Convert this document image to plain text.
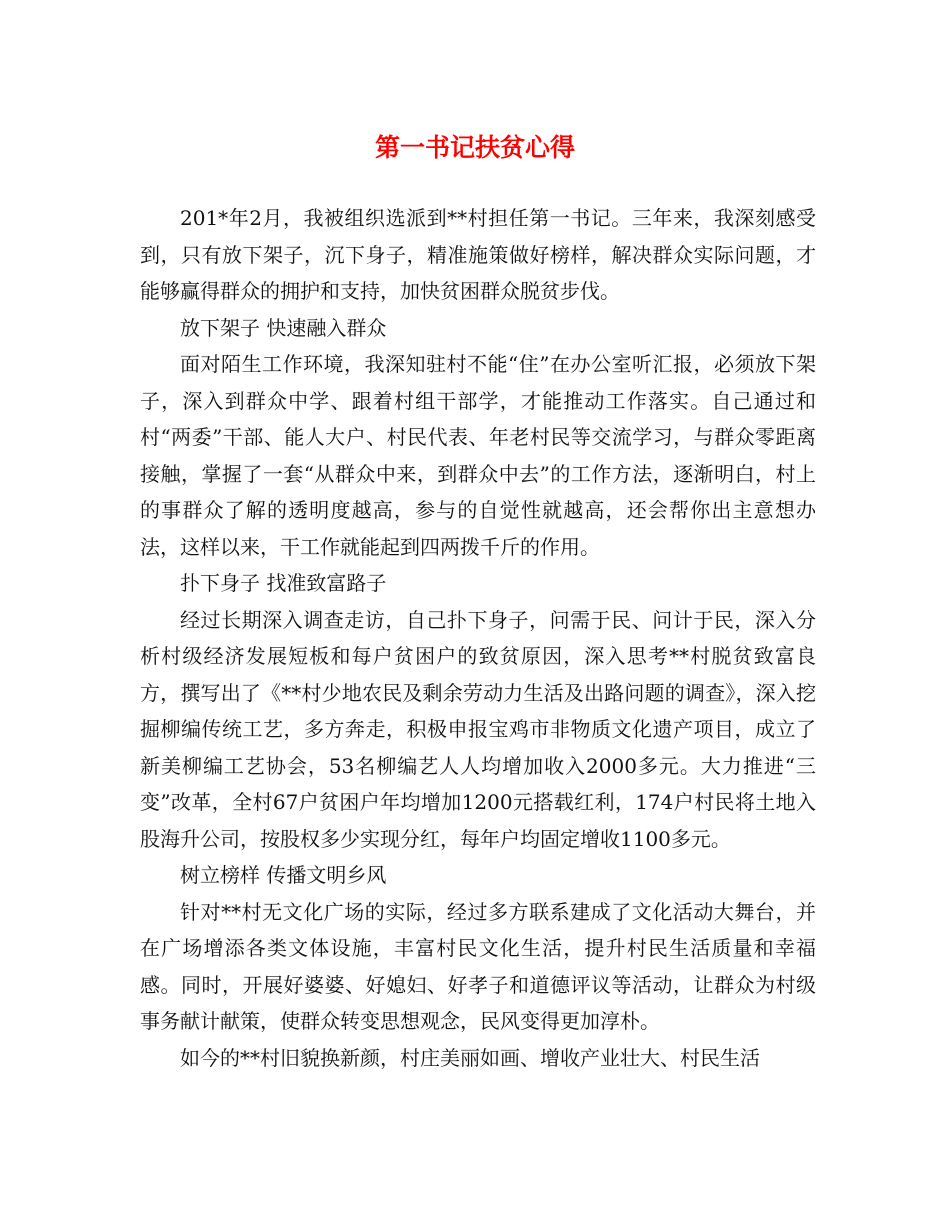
第一书记扶贫心得

201*年2月，我被组织选派到**村担任第一书记。三年来，我深刻感受到，只有放下架子，沉下身子，精准施策做好榜样，解决群众实际问题，才能够赢得群众的拥护和支持，加快贫困群众脱贫步伐。

放下架子 快速融入群众

面对陌生工作环境，我深知驻村不能“住”在办公室听汇报，必须放下架子，深入到群众中学、跟着村组干部学，才能推动工作落实。自己通过和村“两委”干部、能人大户、村民代表、年老村民等交流学习，与群众零距离接触，掌握了一套“从群众中来，到群众中去”的工作方法，逐渐明白，村上的事群众了解的透明度越高，参与的自觉性就越高，还会帮你出主意想办法，这样以来，干工作就能起到四两拨千斤的作用。

扑下身子 找准致富路子

经过长期深入调查走访，自己扑下身子，问需于民、问计于民，深入分析村级经济发展短板和每户贫困户的致贫原因，深入思考**村脱贫致富良方，撰写出了《**村少地农民及剩余劳动力生活及出路问题的调查》，深入挖掘柳编传统工艺，多方奔走，积极申报宝鸡市非物质文化遗产项目，成立了新美柳编工艺协会，53名柳编艺人人均增加收入2000多元。大力推进“三变”改革，全村67户贫困户年均增加1200元搭载红利，174户村民将土地入股海升公司，按股权多少实现分红，每年户均固定增收1100多元。

树立榜样 传播文明乡风

针对**村无文化广场的实际，经过多方联系建成了文化活动大舞台，并在广场增添各类文体设施，丰富村民文化生活，提升村民生活质量和幸福感。同时，开展好婆婆、好媳妇、好孝子和道德评议等活动，让群众为村级事务献计献策，使群众转变思想观念，民风变得更加淳朴。

如今的**村旧貌换新颜，村庄美丽如画、增收产业壮大、村民生活
